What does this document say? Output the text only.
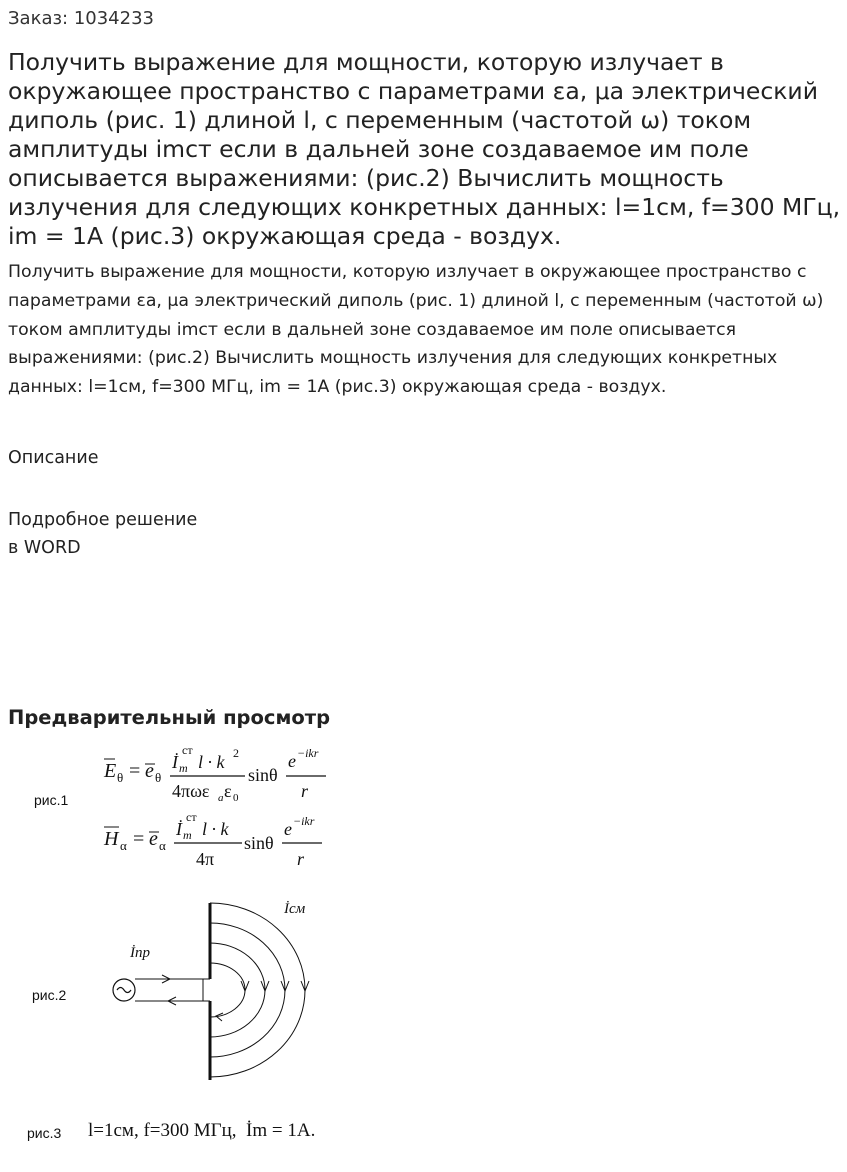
Заказ: 1034233
Получить выражение для мощности, которую излучает в окружающее пространство с параметрами εа, μа электрический диполь (рис. 1) длиной l, с переменным (частотой ω) током амплитуды imст если в дальней зоне создаваемое им поле описывается выражениями: (рис.2) Вычислить мощность излучения для следующих конкретных данных: l=1см, f=300 МГц, im = 1А (рис.3) окружающая среда - воздух.
Получить выражение для мощности, которую излучает в окружающее пространство с параметрами εа, μа электрический диполь (рис. 1) длиной l, с переменным (частотой ω) током амплитуды imст если в дальней зоне создаваемое им поле описывается выражениями: (рис.2) Вычислить мощность излучения для следующих конкретных данных: l=1см, f=300 МГц, im = 1А (рис.3) окружающая среда - воздух.
Описание
Подробное решение
в WORD
Предварительный просмотр
рис.1
E θ = e θ
İ m
ст
l · k 2
4πωε a ε 0
sinθ
e −ikr
r
H α = e α
İ m
ст
l · k
4π
sinθ
e −ikr
r
рис.2
İпр
İсм
рис.3 l=1см, f=300 МГц,  İm = 1А.
